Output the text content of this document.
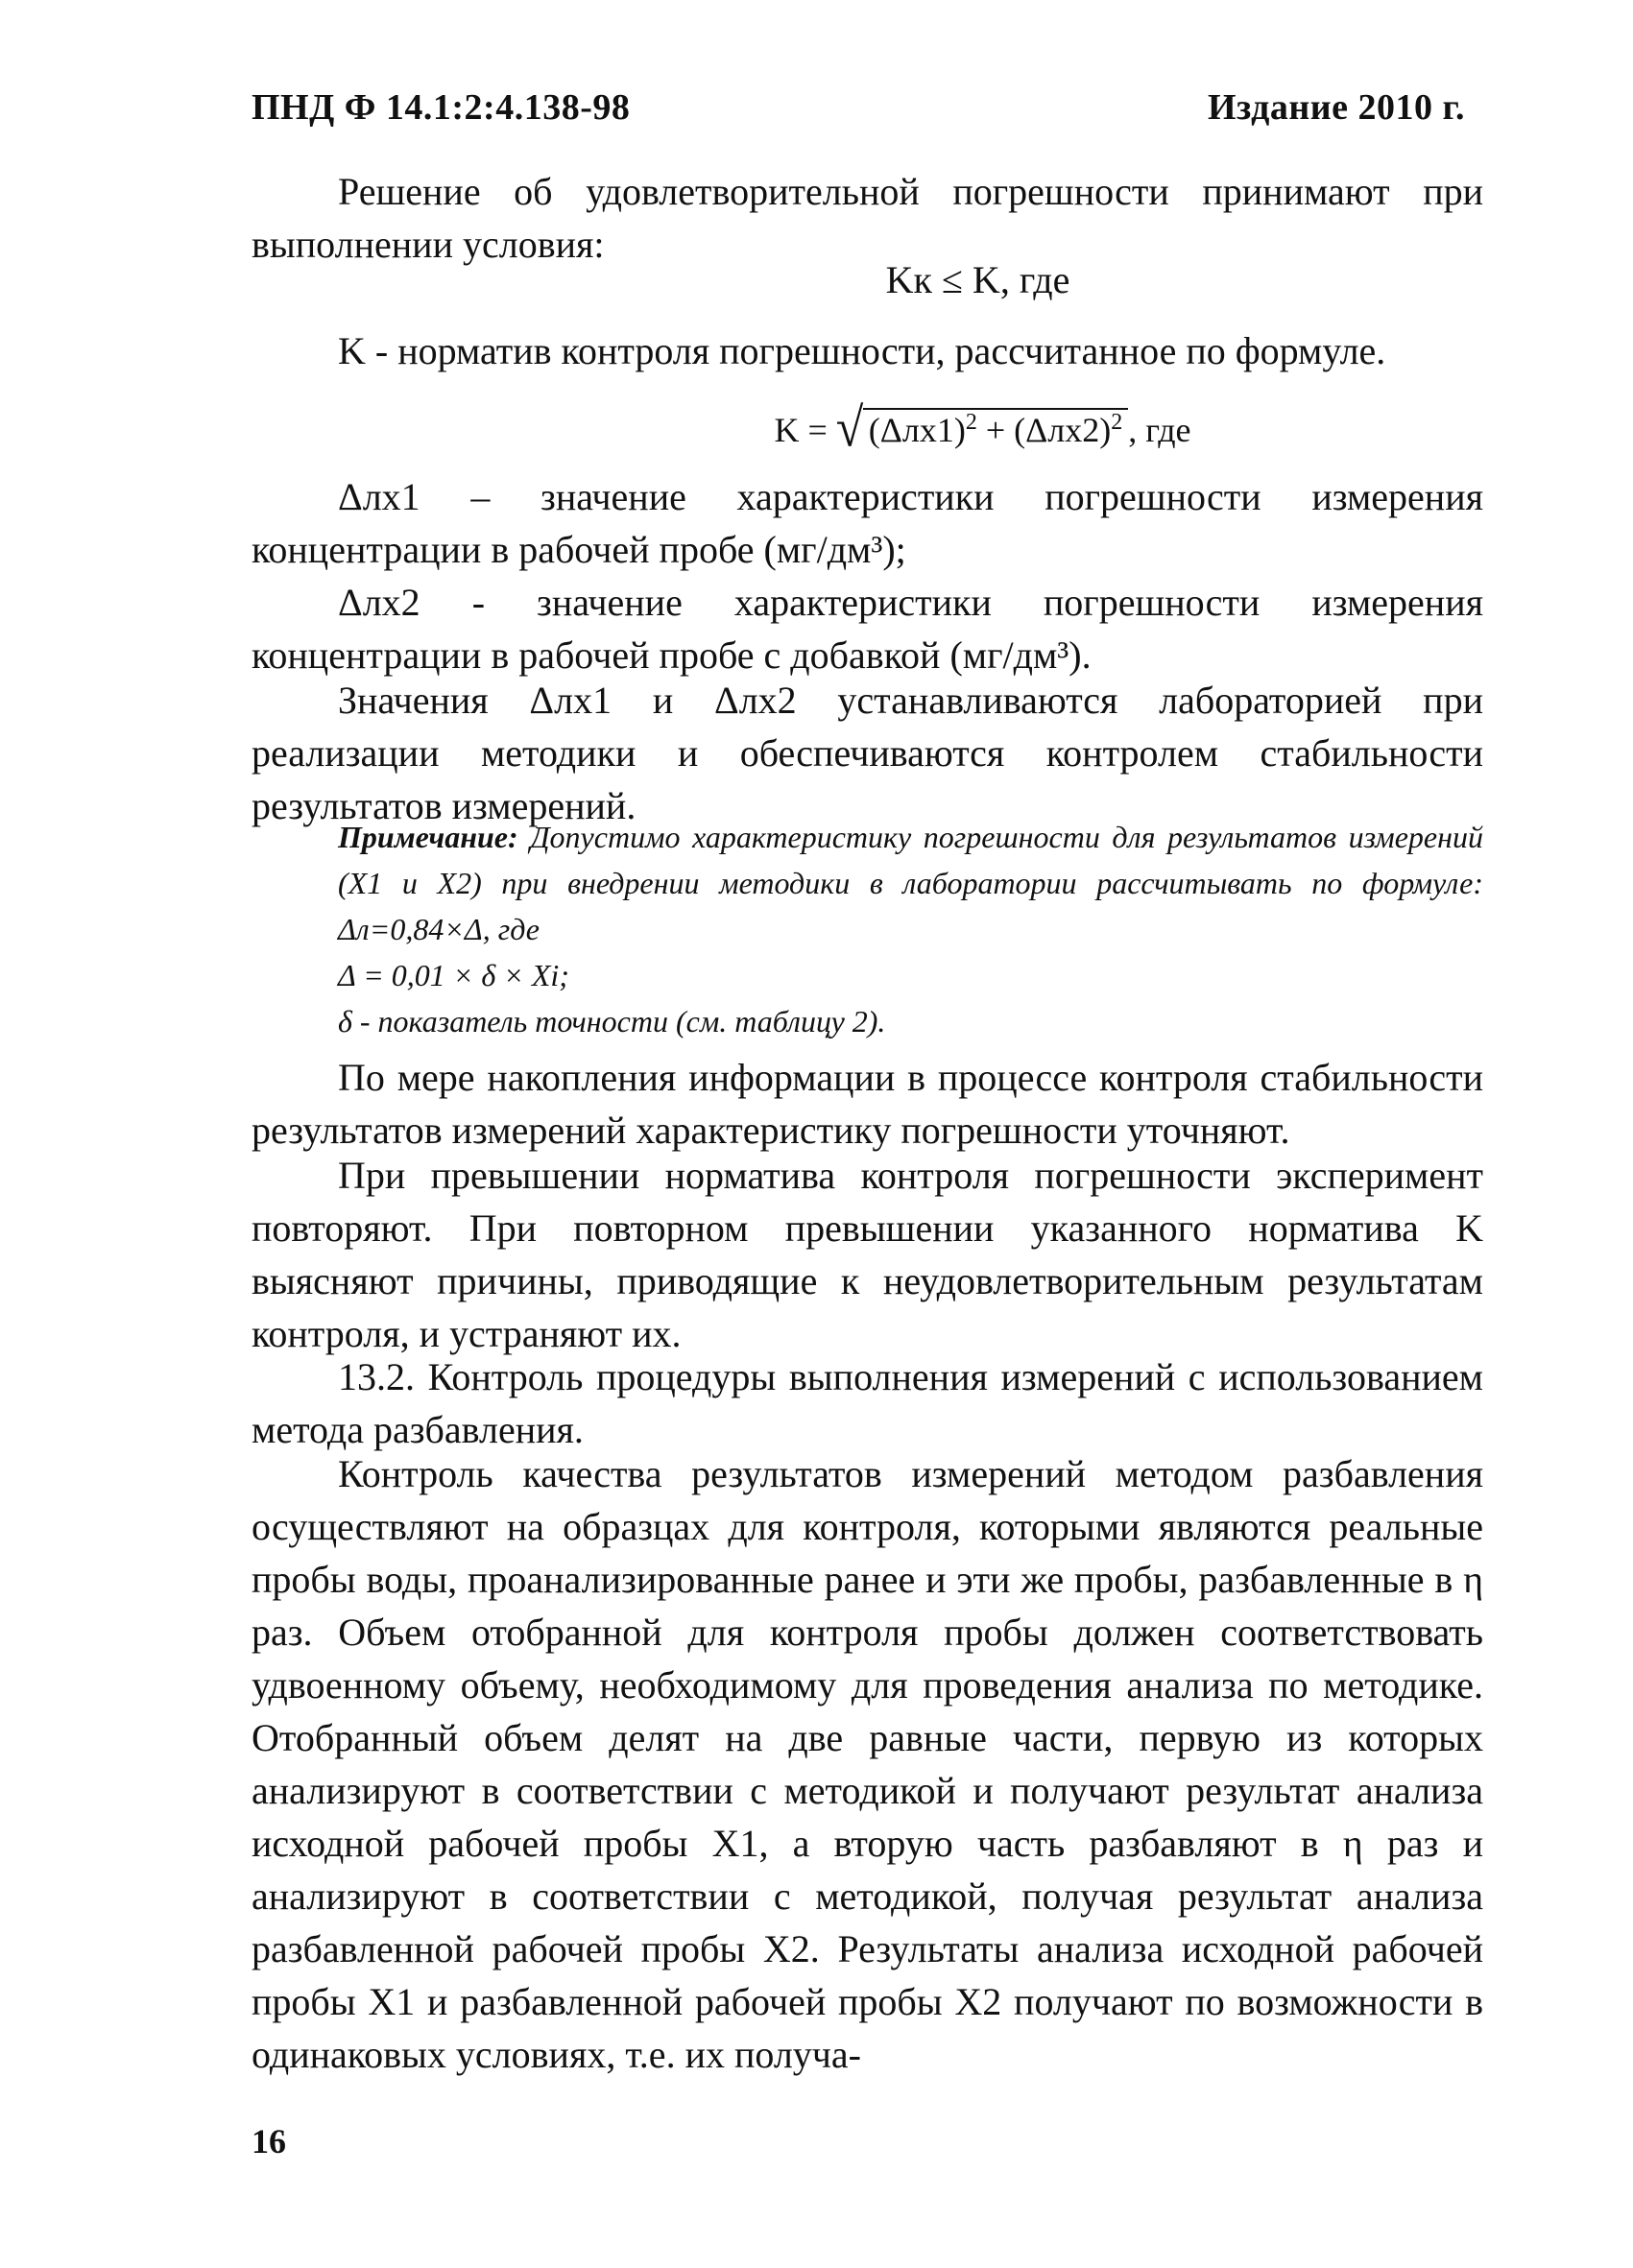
ПНД Ф 14.1:2:4.138-98	Издание 2010 г.

Решение об удовлетворительной погрешности принимают при выполнении условия:

Kк ≤ K, где

K - норматив контроля погрешности, рассчитанное по формуле.

K = √ $(\Delta лх1)^2 + (\Delta лх2)^2$ , где

Δлх1 – значение характеристики погрешности измерения концентрации в рабочей пробе (мг/дм³);

Δлх2 - значение характеристики погрешности измерения концентрации в рабочей пробе с добавкой (мг/дм³).

Значения Δлх1 и Δлх2 устанавливаются лабораторией при реализации методики и обеспечиваются контролем стабильности результатов измерений.

Примечание: Допустимо характеристику погрешности для результатов измерений (X1 и X2) при внедрении методики в лаборатории рассчитывать по формуле: Δл=0,84×Δ, где

Δ = 0,01 × δ × Xi;

δ - показатель точности (см. таблицу 2).

По мере накопления информации в процессе контроля стабильности результатов измерений характеристику погрешности уточняют.

При превышении норматива контроля погрешности эксперимент повторяют. При повторном превышении указанного норматива K выясняют причины, приводящие к неудовлетворительным результатам контроля, и устраняют их.

13.2. Контроль процедуры выполнения измерений с использованием метода разбавления.

Контроль качества результатов измерений методом разбавления осуществляют на образцах для контроля, которыми являются реальные пробы воды, проанализированные ранее и эти же пробы, разбавленные в η раз. Объем отобранной для контроля пробы должен соответствовать удвоенному объему, необходимому для проведения анализа по методике. Отобранный объем делят на две равные части, первую из которых анализируют в соответствии с методикой и получают результат анализа исходной рабочей пробы X1, а вторую часть разбавляют в η раз и анализируют в соответствии с методикой, получая результат анализа разбавленной рабочей пробы X2. Результаты анализа исходной рабочей пробы X1 и разбавленной рабочей пробы X2 получают по возможности в одинаковых условиях, т.е. их получа-

16
